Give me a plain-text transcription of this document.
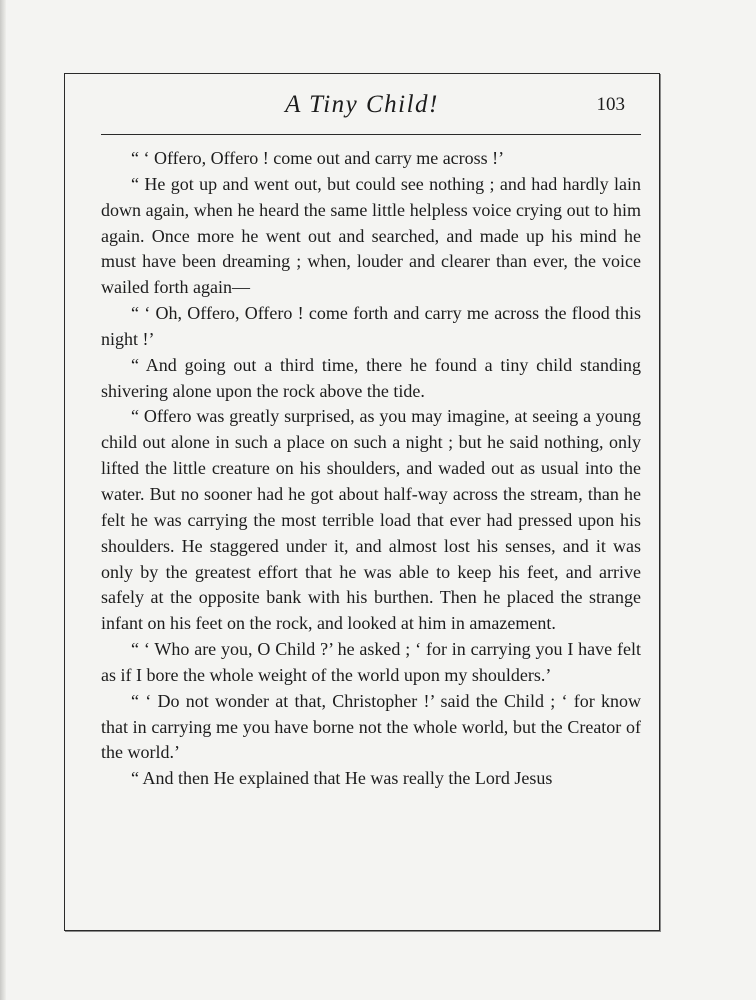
A Tiny Child!	103

“ ‘ Offero, Offero ! come out and carry me across !’

“ He got up and went out, but could see nothing ; and had hardly lain down again, when he heard the same little helpless voice crying out to him again. Once more he went out and searched, and made up his mind he must have been dreaming ; when, louder and clearer than ever, the voice wailed forth again—

“ ‘ Oh, Offero, Offero ! come forth and carry me across the flood this night !’

“ And going out a third time, there he found a tiny child standing shivering alone upon the rock above the tide.

“ Offero was greatly surprised, as you may imagine, at seeing a young child out alone in such a place on such a night ; but he said nothing, only lifted the little creature on his shoulders, and waded out as usual into the water. But no sooner had he got about half-way across the stream, than he felt he was carrying the most terrible load that ever had pressed upon his shoulders. He staggered under it, and almost lost his senses, and it was only by the greatest effort that he was able to keep his feet, and arrive safely at the opposite bank with his burthen. Then he placed the strange infant on his feet on the rock, and looked at him in amazement.

“ ‘ Who are you, O Child ?’ he asked ; ‘ for in carrying you I have felt as if I bore the whole weight of the world upon my shoulders.’

“ ‘ Do not wonder at that, Christopher !’ said the Child ; ‘ for know that in carrying me you have borne not the whole world, but the Creator of the world.’

“ And then He explained that He was really the Lord Jesus
